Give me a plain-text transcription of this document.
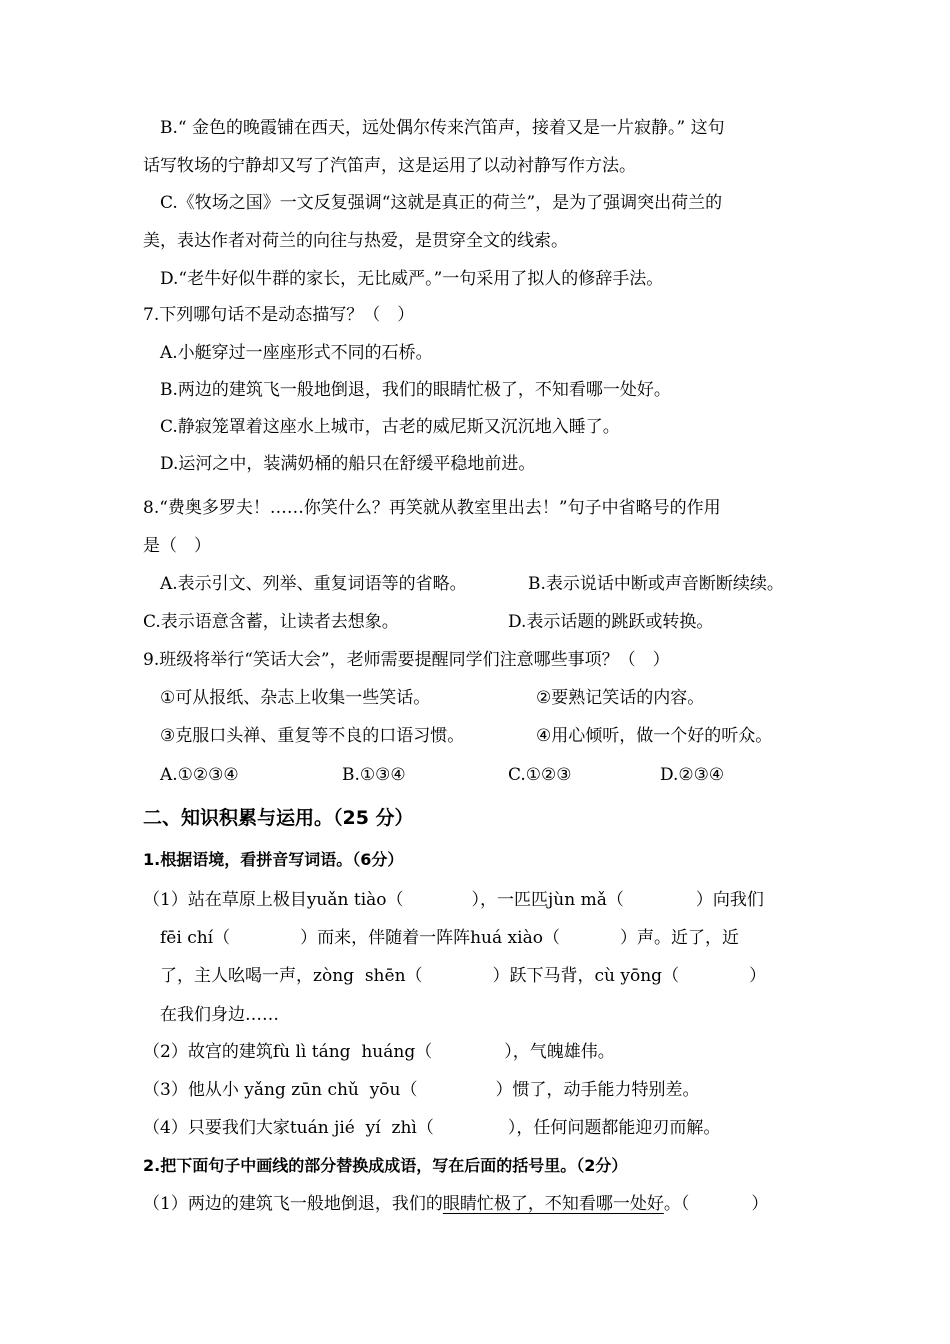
B.“ 金色的晚霞铺在西天，远处偶尔传来汽笛声，接着又是一片寂静。” 这句
话写牧场的宁静却又写了汽笛声，这是运用了以动衬静写作方法。
C.《牧场之国》一文反复强调“这就是真正的荷兰”，是为了强调突出荷兰的
美，表达作者对荷兰的向往与热爱，是贯穿全文的线索。
D.“老牛好似牛群的家长，无比威严。”一句采用了拟人的修辞手法。
7.下列哪句话不是动态描写？（　）
A.小艇穿过一座座形式不同的石桥。
B.两边的建筑飞一般地倒退，我们的眼睛忙极了，不知看哪一处好。
C.静寂笼罩着这座水上城市，古老的威尼斯又沉沉地入睡了。
D.运河之中，装满奶桶的船只在舒缓平稳地前进。
8.“费奥多罗夫！……你笑什么？再笑就从教室里出去！”句子中省略号的作用
是（　）
A.表示引文、列举、重复词语等的省略。	B.表示说话中断或声音断断续续。
C.表示语意含蓄，让读者去想象。	D.表示话题的跳跃或转换。
9.班级将举行“笑话大会”，老师需要提醒同学们注意哪些事项？（　）
①可从报纸、杂志上收集一些笑话。	②要熟记笑话的内容。
③克服口头禅、重复等不良的口语习惯。	④用心倾听，做一个好的听众。
A.①②③④	B.①③④	C.①②③	D.②③④
二、知识积累与运用。（25 分）
1.根据语境，看拼音写词语。（6分）
（1）站在草原上极目yuǎn tiào（	），一匹匹jùn mǎ（	）向我们
fēi chí（	）而来，伴随着一阵阵huá xiào（	）声。近了，近
了，主人吆喝一声，zòng  shēn（	）跃下马背，cù yōng（	）
在我们身边……
（2）故宫的建筑fù lì táng  huáng（	），气魄雄伟。
（3）他从小 yǎng zūn chǔ  yōu（	）惯了，动手能力特别差。
（4）只要我们大家tuán jié  yí  zhì（	），任何问题都能迎刃而解。
2.把下面句子中画线的部分替换成成语，写在后面的括号里。（2分）
（1）两边的建筑飞一般地倒退，我们的眼睛忙极了，不知看哪一处好。（	）
